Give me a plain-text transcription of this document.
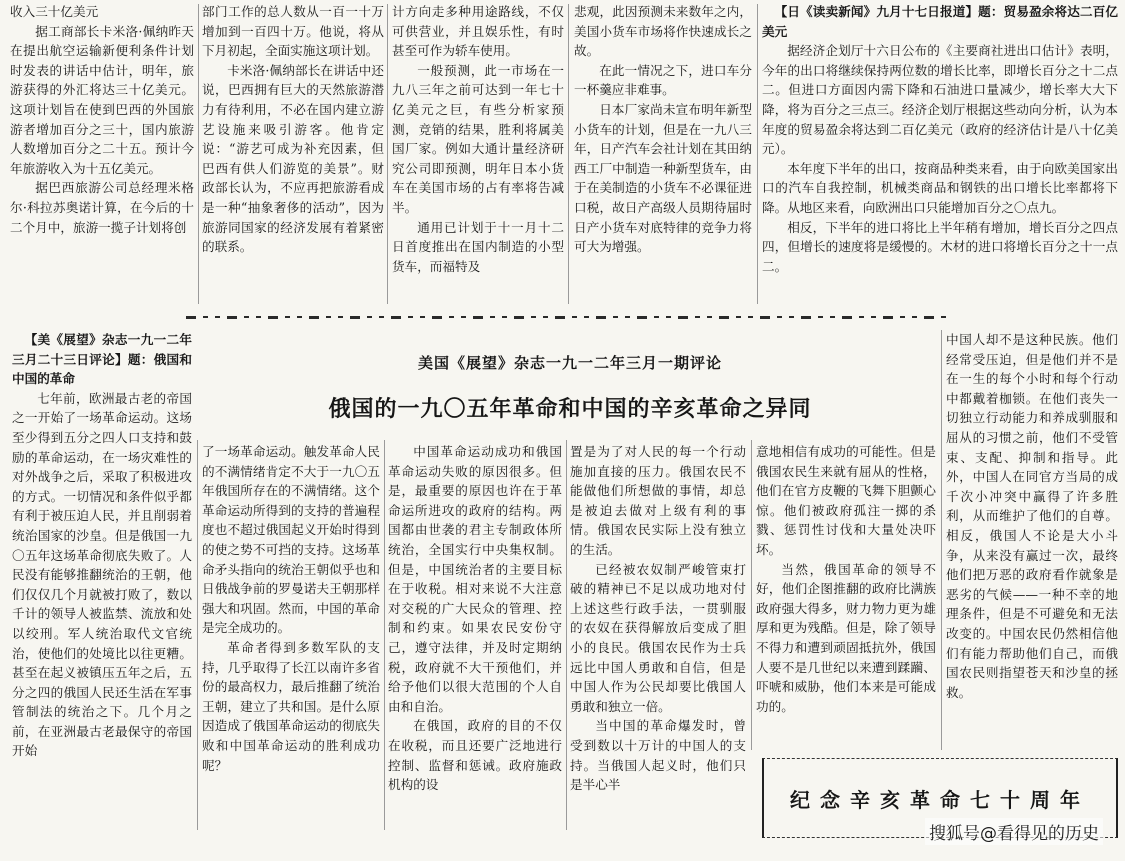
收入三十亿美元

据工商部长卡米洛·佩纳昨天在提出航空运输新便利条件计划时发表的讲话中估计，明年，旅游获得的外汇将达三十亿美元。这项计划旨在使到巴西的外国旅游者增加百分之三十，国内旅游人数增加百分之二十五。预计今年旅游收入为十五亿美元。

据巴西旅游公司总经理米格尔·科拉苏奥诺计算，在今后的十二个月中，旅游一揽子计划将创

部门工作的总人数从一百一十万增加到一百四十万。他说，将从下月初起，全面实施这项计划。

卡米洛·佩纳部长在讲话中还说，巴西拥有巨大的天然旅游潜力有待利用，不必在国内建立游艺设施来吸引游客。他肯定说：“游艺可成为补充因素，但巴西有供人们游览的美景”。财政部长认为，不应再把旅游看成是一种“抽象奢侈的活动”，因为旅游同国家的经济发展有着紧密的联系。

计方向走多种用途路线，不仅可供营业，并且娱乐性，有时甚至可作为轿车使用。

一般预测，此一市场在一九八三年之前可达到一年七十亿美元之巨，有些分析家预测，竞销的结果，胜利将属美国厂家。例如大通计量经济研究公司即预测，明年日本小货车在美国市场的占有率将告减半。

通用已计划于十一月十二日首度推出在国内制造的小型货车，而福特及

悲观，此因预测未来数年之内，美国小货车市场将作快速成长之故。

在此一情况之下，进口车分一杯羹应非难事。

日本厂家尚未宣布明年新型小货车的计划，但是在一九八三年，日产汽车会社计划在其田纳西工厂中制造一种新型货车，由于在美制造的小货车不必课征进口税，故日产高级人员期待届时日产小货车对底特律的竞争力将可大为增强。

【日《读卖新闻》九月十七日报道】题：贸易盈余将达二百亿美元

据经济企划厅十六日公布的《主要商社进出口估计》表明，今年的出口将继续保持两位数的增长比率，即增长百分之十二点二。但进口方面因内需下降和石油进口量减少，增长率大大下降，将为百分之三点三。经济企划厅根据这些动向分析，认为本年度的贸易盈余将达到二百亿美元（政府的经济估计是八十亿美元）。

本年度下半年的出口，按商品种类来看，由于向欧美国家出口的汽车自我控制，机械类商品和钢铁的出口增长比率都将下降。从地区来看，向欧洲出口只能增加百分之〇点九。

相反，下半年的进口将比上半年稍有增加，增长百分之四点四，但增长的速度将是缓慢的。木材的进口将增长百分之十一点二。

美国《展望》杂志一九一二年三月一期评论
俄国的一九〇五年革命和中国的辛亥革命之异同

【美《展望》杂志一九一二年三月二十三日评论】题：俄国和中国的革命

七年前，欧洲最古老的帝国之一开始了一场革命运动。这场至少得到五分之四人口支持和鼓励的革命运动，在一场灾难性的对外战争之后，采取了积极进攻的方式。一切情况和条件似乎都有利于被压迫人民，并且削弱着统治国家的沙皇。但是俄国一九〇五年这场革命彻底失败了。人民没有能够推翻统治的王朝，他们仅仅几个月就被打败了，数以千计的领导人被监禁、流放和处以绞刑。军人统治取代文官统治，使他们的处境比以往更糟。甚至在起义被镇压五年之后，五分之四的俄国人民还生活在军事管制法的统治之下。几个月之前，在亚洲最古老最保守的帝国开始

了一场革命运动。触发革命人民的不满情绪肯定不大于一九〇五年俄国所存在的不满情绪。这个革命运动所得到的支持的普遍程度也不超过俄国起义开始时得到的使之势不可挡的支持。这场革命矛头指向的统治王朝似乎也和日俄战争前的罗曼诺夫王朝那样强大和巩固。然而，中国的革命是完全成功的。

革命者得到多数军队的支持，几乎取得了长江以南许多省份的最高权力，最后推翻了统治王朝，建立了共和国。是什么原因造成了俄国革命运动的彻底失败和中国革命运动的胜利成功呢？

中国革命运动成功和俄国革命运动失败的原因很多。但是，最重要的原因也许在于革命运所进攻的政府的结构。两国都由世袭的君主专制政体所统治，全国实行中央集权制。但是，中国统治者的主要目标在于收税。相对来说不大注意对交税的广大民众的管理、控制和约束。如果农民安份守己，遵守法律，并及时定期纳税，政府就不大干预他们，并给予他们以很大范围的个人自由和自治。

在俄国，政府的目的不仅在收税，而且还要广泛地进行控制、监督和惩诫。政府施政机构的设

置是为了对人民的每一个行动施加直接的压力。俄国农民不能做他们所想做的事情，却总是被迫去做对上级有利的事情。俄国农民实际上没有独立的生活。

已经被农奴制严峻管束打破的精神已不足以成功地对付上述这些行政手法，一贯驯服的农奴在获得解放后变成了胆小的良民。俄国农民作为士兵远比中国人勇敢和自信，但是中国人作为公民却要比俄国人勇敢和独立一倍。

当中国的革命爆发时，曾受到数以十万计的中国人的支持。当俄国人起义时，他们只是半心半

意地相信有成功的可能性。但是俄国农民生来就有屈从的性格，他们在官方皮鞭的飞舞下胆颤心惊。他们被政府孤注一掷的杀戮、惩罚性讨伐和大量处决吓坏。

当然，俄国革命的领导不好，他们企图推翻的政府比满族政府强大得多，财力物力更为雄厚和更为残酷。但是，除了领导不得力和遭到顽固抵抗外，俄国人要不是几世纪以来遭到蹂躏、吓唬和威胁，他们本来是可能成功的。

中国人却不是这种民族。他们经常受压迫，但是他们并不是在一生的每个小时和每个行动中都戴着枷锁。在他们丧失一切独立行动能力和养成驯服和屈从的习惯之前，他们不受管束、支配、抑制和指导。此外，中国人在同官方当局的成千次小冲突中赢得了许多胜利，从而维护了他们的自尊。相反，俄国人不论是大小斗争，从来没有赢过一次，最终他们把万恶的政府看作就象是恶劣的气候——一种不幸的地理条件，但是不可避免和无法改变的。中国农民仍然相信他们有能力帮助他们自己，而俄国农民则指望苍天和沙皇的拯救。

纪念辛亥革命七十周年
搜狐号@看得见的历史
